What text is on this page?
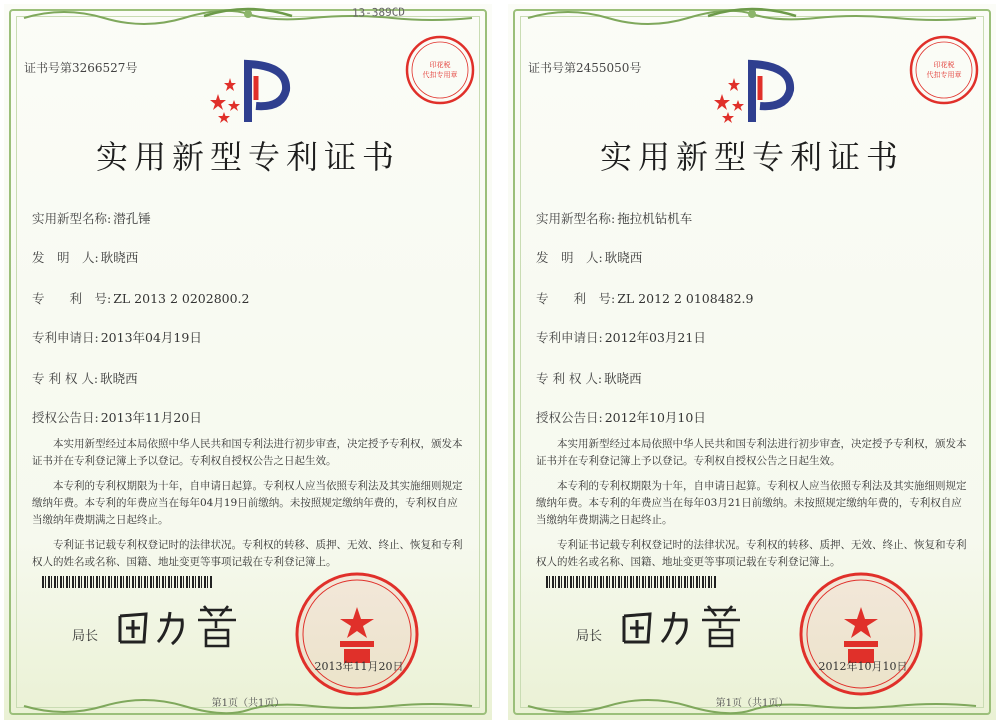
13-389CD
证书号第3266527号	印花税
代扣专用章
实用新型专利证书
实用新型名称: 潜孔锤
发　明　人: 耿晓西
专　　利　号: ZL 2013 2 0202800.2
专利申请日: 2013年04月19日
专 利 权 人: 耿晓西
授权公告日: 2013年11月20日

本实用新型经过本局依照中华人民共和国专利法进行初步审查，决定授予专利权，颁发本证书并在专利登记簿上予以登记。专利权自授权公告之日起生效。

本专利的专利权期限为十年，自申请日起算。专利权人应当依照专利法及其实施细则规定缴纳年费。本专利的年费应当在每年04月19日前缴纳。未按照规定缴纳年费的，专利权自应当缴纳年费期满之日起终止。

专利证书记载专利权登记时的法律状况。专利权的转移、质押、无效、终止、恢复和专利权人的姓名或名称、国籍、地址变更等事项记载在专利登记簿上。

局长
2013年11月20日
第1页（共1页）
证书号第2455050号	印花税
代扣专用章
实用新型专利证书
实用新型名称: 拖拉机钻机车
发　明　人: 耿晓西
专　　利　号: ZL 2012 2 0108482.9
专利申请日: 2012年03月21日
专 利 权 人: 耿晓西
授权公告日: 2012年10月10日

本实用新型经过本局依照中华人民共和国专利法进行初步审查，决定授予专利权，颁发本证书并在专利登记簿上予以登记。专利权自授权公告之日起生效。

本专利的专利权期限为十年，自申请日起算。专利权人应当依照专利法及其实施细则规定缴纳年费。本专利的年费应当在每年03月21日前缴纳。未按照规定缴纳年费的，专利权自应当缴纳年费期满之日起终止。

专利证书记载专利权登记时的法律状况。专利权的转移、质押、无效、终止、恢复和专利权人的姓名或名称、国籍、地址变更等事项记载在专利登记簿上。

局长
2012年10月10日
第1页（共1页）
